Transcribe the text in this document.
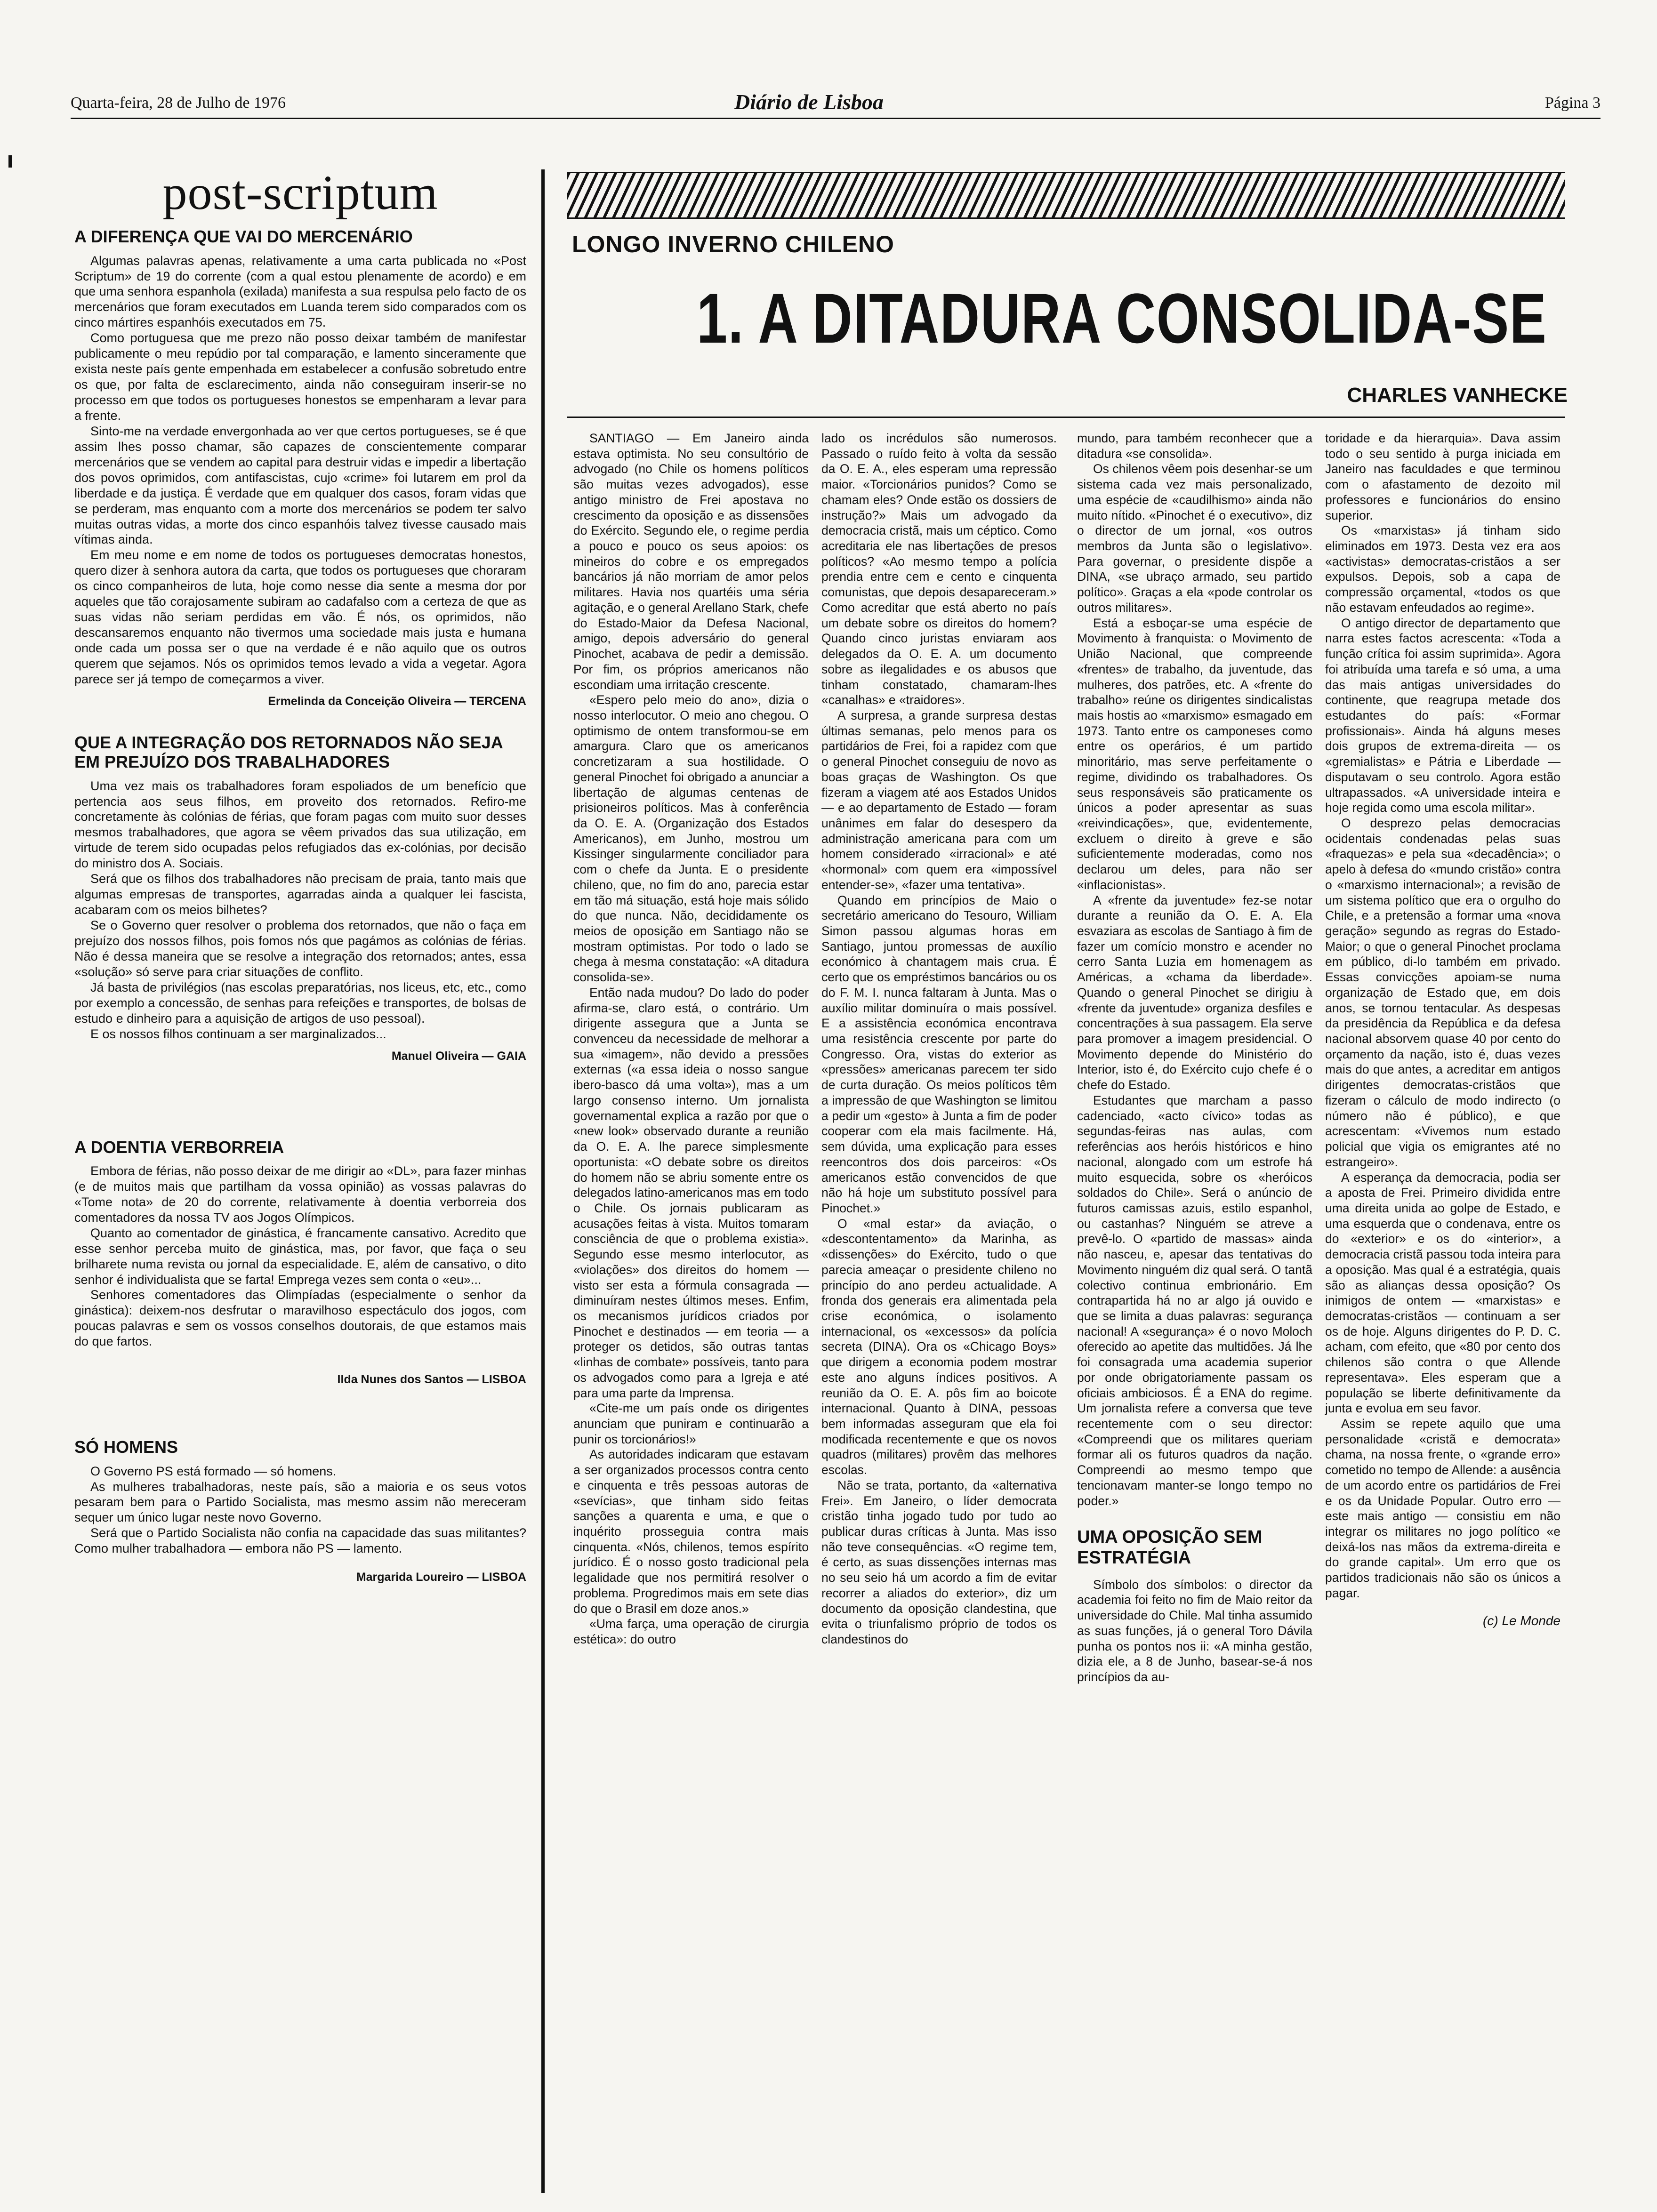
Quarta-feira, 28 de Julho de 1976	Diário de Lisboa	Página 3
post-scriptum
A DIFERENÇA QUE VAI DO MERCENÁRIO

Algumas palavras apenas, relativamente a uma carta publicada no «Post Scriptum» de 19 do corrente (com a qual estou plenamente de acordo) e em que uma senhora espanhola (exilada) manifesta a sua respulsa pelo facto de os mercenários que foram executados em Luanda terem sido comparados com os cinco mártires espanhóis executados em 75.

Como portuguesa que me prezo não posso deixar também de manifestar publicamente o meu repúdio por tal comparação, e lamento sinceramente que exista neste país gente empenhada em estabelecer a confusão sobretudo entre os que, por falta de esclarecimento, ainda não conseguiram inserir-se no processo em que todos os portugueses honestos se empenharam a levar para a frente.

Sinto-me na verdade envergonhada ao ver que certos portugueses, se é que assim lhes posso chamar, são capazes de conscientemente comparar mercenários que se vendem ao capital para destruir vidas e impedir a libertação dos povos oprimidos, com antifascistas, cujo «crime» foi lutarem em prol da liberdade e da justiça. É verdade que em qualquer dos casos, foram vidas que se perderam, mas enquanto com a morte dos mercenários se podem ter salvo muitas outras vidas, a morte dos cinco espanhóis talvez tivesse causado mais vítimas ainda.

Em meu nome e em nome de todos os portugueses democratas honestos, quero dizer à senhora autora da carta, que todos os portugueses que choraram os cinco companheiros de luta, hoje como nesse dia sente a mesma dor por aqueles que tão corajosamente subiram ao cadafalso com a certeza de que as suas vidas não seriam perdidas em vão. É nós, os oprimidos, não descansaremos enquanto não tivermos uma sociedade mais justa e humana onde cada um possa ser o que na verdade é e não aquilo que os outros querem que sejamos. Nós os oprimidos temos levado a vida a vegetar. Agora parece ser já tempo de começarmos a viver.

Ermelinda da Conceição Oliveira — TERCENA
QUE A INTEGRAÇÃO DOS RETORNADOS NÃO SEJA EM PREJUÍZO DOS TRABALHADORES

Uma vez mais os trabalhadores foram espoliados de um benefício que pertencia aos seus filhos, em proveito dos retornados. Refiro-me concretamente às colónias de férias, que foram pagas com muito suor desses mesmos trabalhadores, que agora se vêem privados das sua utilização, em virtude de terem sido ocupadas pelos refugiados das ex-colónias, por decisão do ministro dos A. Sociais.

Será que os filhos dos trabalhadores não precisam de praia, tanto mais que algumas empresas de transportes, agarradas ainda a qualquer lei fascista, acabaram com os meios bilhetes?

Se o Governo quer resolver o problema dos retornados, que não o faça em prejuízo dos nossos filhos, pois fomos nós que pagámos as colónias de férias. Não é dessa maneira que se resolve a integração dos retornados; antes, essa «solução» só serve para criar situações de conflito.

Já basta de privilégios (nas escolas preparatórias, nos liceus, etc, etc., como por exemplo a concessão, de senhas para refeições e transportes, de bolsas de estudo e dinheiro para a aquisição de artigos de uso pessoal).

E os nossos filhos continuam a ser marginalizados...

Manuel Oliveira — GAIA
A DOENTIA VERBORREIA

Embora de férias, não posso deixar de me dirigir ao «DL», para fazer minhas (e de muitos mais que partilham da vossa opinião) as vossas palavras do «Tome nota» de 20 do corrente, relativamente à doentia verborreia dos comentadores da nossa TV aos Jogos Olímpicos.

Quanto ao comentador de ginástica, é francamente cansativo. Acredito que esse senhor perceba muito de ginástica, mas, por favor, que faça o seu brilharete numa revista ou jornal da especialidade. E, além de cansativo, o dito senhor é individualista que se farta! Emprega vezes sem conta o «eu»...

Senhores comentadores das Olimpíadas (especialmente o senhor da ginástica): deixem-nos desfrutar o maravilhoso espectáculo dos jogos, com poucas palavras e sem os vossos conselhos doutorais, de que estamos mais do que fartos.

Ilda Nunes dos Santos — LISBOA
SÓ HOMENS

O Governo PS está formado — só homens.

As mulheres trabalhadoras, neste país, são a maioria e os seus votos pesaram bem para o Partido Socialista, mas mesmo assim não mereceram sequer um único lugar neste novo Governo.

Será que o Partido Socialista não confia na capacidade das suas militantes? Como mulher trabalhadora — embora não PS — lamento.

Margarida Loureiro — LISBOA
LONGO INVERNO CHILENO
1. A DITADURA CONSOLIDA-SE
CHARLES VANHECKE

SANTIAGO — Em Janeiro ainda estava optimista. No seu consultório de advogado (no Chile os homens políticos são muitas vezes advogados), esse antigo ministro de Frei apostava no crescimento da oposição e as dissensões do Exército. Segundo ele, o regime perdia a pouco e pouco os seus apoios: os mineiros do cobre e os empregados bancários já não morriam de amor pelos militares. Havia nos quartéis uma séria agitação, e o general Arellano Stark, chefe do Estado-Maior da Defesa Nacional, amigo, depois adversário do general Pinochet, acabava de pedir a demissão. Por fim, os próprios americanos não escondiam uma irritação crescente.

«Espero pelo meio do ano», dizia o nosso interlocutor. O meio ano chegou. O optimismo de ontem transformou-se em amargura. Claro que os americanos concretizaram a sua hostilidade. O general Pinochet foi obrigado a anunciar a libertação de algumas centenas de prisioneiros políticos. Mas à conferência da O. E. A. (Organização dos Estados Americanos), em Junho, mostrou um Kissinger singularmente conciliador para com o chefe da Junta. E o presidente chileno, que, no fim do ano, parecia estar em tão má situação, está hoje mais sólido do que nunca. Não, decididamente os meios de oposição em Santiago não se mostram optimistas. Por todo o lado se chega à mesma constatação: «A ditadura consolida-se».

Então nada mudou? Do lado do poder afirma-se, claro está, o contrário. Um dirigente assegura que a Junta se convenceu da necessidade de melhorar a sua «imagem», não devido a pressões externas («a essa ideia o nosso sangue ibero-basco dá uma volta»), mas a um largo consenso interno. Um jornalista governamental explica a razão por que o «new look» observado durante a reunião da O. E. A. lhe parece simplesmente oportunista: «O debate sobre os direitos do homem não se abriu somente entre os delegados latino-americanos mas em todo o Chile. Os jornais publicaram as acusações feitas à vista. Muitos tomaram consciência de que o problema existia». Segundo esse mesmo interlocutor, as «violações» dos direitos do homem — visto ser esta a fórmula consagrada — diminuíram nestes últimos meses. Enfim, os mecanismos jurídicos criados por Pinochet e destinados — em teoria — a proteger os detidos, são outras tantas «linhas de combate» possíveis, tanto para os advogados como para a Igreja e até para uma parte da Imprensa.

«Cite-me um país onde os dirigentes anunciam que puniram e continuarão a punir os torcionários!»

As autoridades indicaram que estavam a ser organizados processos contra cento e cinquenta e três pessoas autoras de «sevícias», que tinham sido feitas sanções a quarenta e uma, e que o inquérito prosseguia contra mais cinquenta. «Nós, chilenos, temos espírito jurídico. É o nosso gosto tradicional pela legalidade que nos permitirá resolver o problema. Progredimos mais em sete dias do que o Brasil em doze anos.»

«Uma farça, uma operação de cirurgia estética»: do outro

lado os incrédulos são numerosos. Passado o ruído feito à volta da sessão da O. E. A., eles esperam uma repressão maior. «Torcionários punidos? Como se chamam eles? Onde estão os dossiers de instrução?» Mais um advogado da democracia cristã, mais um céptico. Como acreditaria ele nas libertações de presos políticos? «Ao mesmo tempo a polícia prendia entre cem e cento e cinquenta comunistas, que depois desapareceram.» Como acreditar que está aberto no país um debate sobre os direitos do homem? Quando cinco juristas enviaram aos delegados da O. E. A. um documento sobre as ilegalidades e os abusos que tinham constatado, chamaram-lhes «canalhas» e «traidores».

A surpresa, a grande surpresa destas últimas semanas, pelo menos para os partidários de Frei, foi a rapidez com que o general Pinochet conseguiu de novo as boas graças de Washington. Os que fizeram a viagem até aos Estados Unidos — e ao departamento de Estado — foram unânimes em falar do desespero da administração americana para com um homem considerado «irracional» e até «hormonal» com quem era «impossível entender-se», «fazer uma tentativa».

Quando em princípios de Maio o secretário americano do Tesouro, William Simon passou algumas horas em Santiago, juntou promessas de auxílio económico à chantagem mais crua. É certo que os empréstimos bancários ou os do F. M. I. nunca faltaram à Junta. Mas o auxílio militar dominuíra o mais possível. E a assistência económica encontrava uma resistência crescente por parte do Congresso. Ora, vistas do exterior as «pressões» americanas parecem ter sido de curta duração. Os meios políticos têm a impressão de que Washington se limitou a pedir um «gesto» à Junta a fim de poder cooperar com ela mais facilmente. Há, sem dúvida, uma explicação para esses reencontros dos dois parceiros: «Os americanos estão convencidos de que não há hoje um substituto possível para Pinochet.»

O «mal estar» da aviação, o «descontentamento» da Marinha, as «dissenções» do Exército, tudo o que parecia ameaçar o presidente chileno no princípio do ano perdeu actualidade. A fronda dos generais era alimentada pela crise económica, o isolamento internacional, os «excessos» da polícia secreta (DINA). Ora os «Chicago Boys» que dirigem a economia podem mostrar este ano alguns índices positivos. A reunião da O. E. A. pôs fim ao boicote internacional. Quanto à DINA, pessoas bem informadas asseguram que ela foi modificada recentemente e que os novos quadros (militares) provêm das melhores escolas.

Não se trata, portanto, da «alternativa Frei». Em Janeiro, o líder democrata cristão tinha jogado tudo por tudo ao publicar duras críticas à Junta. Mas isso não teve consequências. «O regime tem, é certo, as suas dissenções internas mas no seu seio há um acordo a fim de evitar recorrer a aliados do exterior», diz um documento da oposição clandestina, que evita o triunfalismo próprio de todos os clandestinos do

mundo, para também reconhecer que a ditadura «se consolida».

Os chilenos vêem pois desenhar-se um sistema cada vez mais personalizado, uma espécie de «caudilhismo» ainda não muito nítido. «Pinochet é o executivo», diz o director de um jornal, «os outros membros da Junta são o legislativo». Para governar, o presidente dispõe a DINA, «se ubraço armado, seu partido político». Graças a ela «pode controlar os outros militares».

Está a esboçar-se uma espécie de Movimento à franquista: o Movimento de União Nacional, que compreende «frentes» de trabalho, da juventude, das mulheres, dos patrões, etc. A «frente do trabalho» reúne os dirigentes sindicalistas mais hostis ao «marxismo» esmagado em 1973. Tanto entre os camponeses como entre os operários, é um partido minoritário, mas serve perfeitamente o regime, dividindo os trabalhadores. Os seus responsáveis são praticamente os únicos a poder apresentar as suas «reivindicações», que, evidentemente, excluem o direito à greve e são suficientemente moderadas, como nos declarou um deles, para não ser «inflacionistas».

A «frente da juventude» fez-se notar durante a reunião da O. E. A. Ela esvaziara as escolas de Santiago à fim de fazer um comício monstro e acender no cerro Santa Luzia em homenagem as Américas, a «chama da liberdade». Quando o general Pinochet se dirigiu à «frente da juventude» organiza desfiles e concentrações à sua passagem. Ela serve para promover a imagem presidencial. O Movimento depende do Ministério do Interior, isto é, do Exército cujo chefe é o chefe do Estado.

Estudantes que marcham a passo cadenciado, «acto cívico» todas as segundas-feiras nas aulas, com referências aos heróis históricos e hino nacional, alongado com um estrofe há muito esquecida, sobre os «heróicos soldados do Chile». Será o anúncio de futuros camissas azuis, estilo espanhol, ou castanhas? Ninguém se atreve a prevê-lo. O «partido de massas» ainda não nasceu, e, apesar das tentativas do Movimento ninguém diz qual será. O tantã colectivo continua embrionário. Em contrapartida há no ar algo já ouvido e que se limita a duas palavras: segurança nacional! A «segurança» é o novo Moloch oferecido ao apetite das multidões. Já lhe foi consagrada uma academia superior por onde obrigatoriamente passam os oficiais ambiciosos. É a ENA do regime. Um jornalista refere a conversa que teve recentemente com o seu director: «Compreendi que os militares queriam formar ali os futuros quadros da nação. Compreendi ao mesmo tempo que tencionavam manter-se longo tempo no poder.»

UMA OPOSIÇÃO SEM ESTRATÉGIA

Símbolo dos símbolos: o director da academia foi feito no fim de Maio reitor da universidade do Chile. Mal tinha assumido as suas funções, já o general Toro Dávila punha os pontos nos ii: «A minha gestão, dizia ele, a 8 de Junho, basear-se-á nos princípios da au-

toridade e da hierarquia». Dava assim todo o seu sentido à purga iniciada em Janeiro nas faculdades e que terminou com o afastamento de dezoito mil professores e funcionários do ensino superior.

Os «marxistas» já tinham sido eliminados em 1973. Desta vez era aos «activistas» democratas-cristãos a ser expulsos. Depois, sob a capa de compressão orçamental, «todos os que não estavam enfeudados ao regime».

O antigo director de departamento que narra estes factos acrescenta: «Toda a função crítica foi assim suprimida». Agora foi atribuída uma tarefa e só uma, a uma das mais antigas universidades do continente, que reagrupa metade dos estudantes do país: «Formar profissionais». Ainda há alguns meses dois grupos de extrema-direita — os «gremialistas» e Pátria e Liberdade — disputavam o seu controlo. Agora estão ultrapassados. «A universidade inteira e hoje regida como uma escola militar».

O desprezo pelas democracias ocidentais condenadas pelas suas «fraquezas» e pela sua «decadência»; o apelo à defesa do «mundo cristão» contra o «marxismo internacional»; a revisão de um sistema político que era o orgulho do Chile, e a pretensão a formar uma «nova geração» segundo as regras do Estado-Maior; o que o general Pinochet proclama em público, di-lo também em privado. Essas convicções apoiam-se numa organização de Estado que, em dois anos, se tornou tentacular. As despesas da presidência da República e da defesa nacional absorvem quase 40 por cento do orçamento da nação, isto é, duas vezes mais do que antes, a acreditar em antigos dirigentes democratas-cristãos que fizeram o cálculo de modo indirecto (o número não é público), e que acrescentam: «Vivemos num estado policial que vigia os emigrantes até no estrangeiro».

A esperança da democracia, podia ser a aposta de Frei. Primeiro dividida entre uma direita unida ao golpe de Estado, e uma esquerda que o condenava, entre os do «exterior» e os do «interior», a democracia cristã passou toda inteira para a oposição. Mas qual é a estratégia, quais são as alianças dessa oposição? Os inimigos de ontem — «marxistas» e democratas-cristãos — continuam a ser os de hoje. Alguns dirigentes do P. D. C. acham, com efeito, que «80 por cento dos chilenos são contra o que Allende representava». Eles esperam que a população se liberte definitivamente da junta e evolua em seu favor.

Assim se repete aquilo que uma personalidade «cristã e democrata» chama, na nossa frente, o «grande erro» cometido no tempo de Allende: a ausência de um acordo entre os partidários de Frei e os da Unidade Popular. Outro erro — este mais antigo — consistiu em não integrar os militares no jogo político «e deixá-los nas mãos da extrema-direita e do grande capital». Um erro que os partidos tradicionais não são os únicos a pagar.

(c) Le Monde
